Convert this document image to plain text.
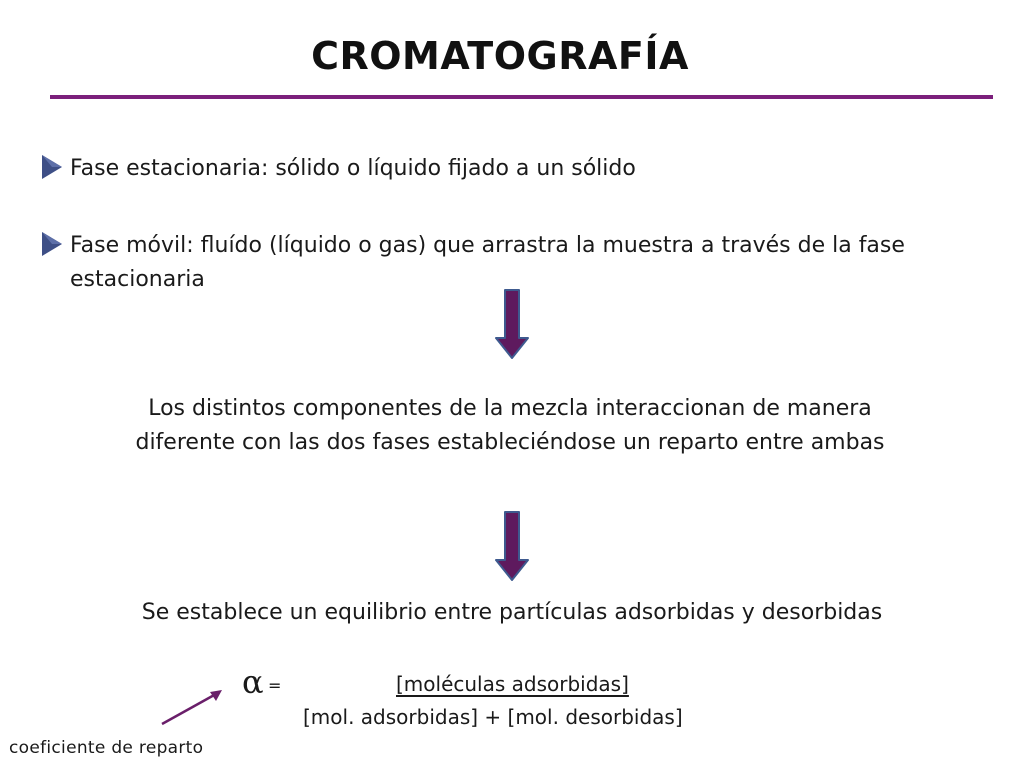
CROMATOGRAFÍA
Fase estacionaria: sólido o líquido fijado a un sólido
Fase móvil: fluído (líquido o gas) que arrastra la muestra a través de la fase estacionaria
Los distintos componentes de la mezcla interaccionan de manera diferente con las dos fases estableciéndose un reparto entre ambas
Se establece un equilibrio entre partículas adsorbidas y desorbidas
α =	[moléculas adsorbidas]
[mol. adsorbidas] + [mol. desorbidas]
coeficiente de reparto
